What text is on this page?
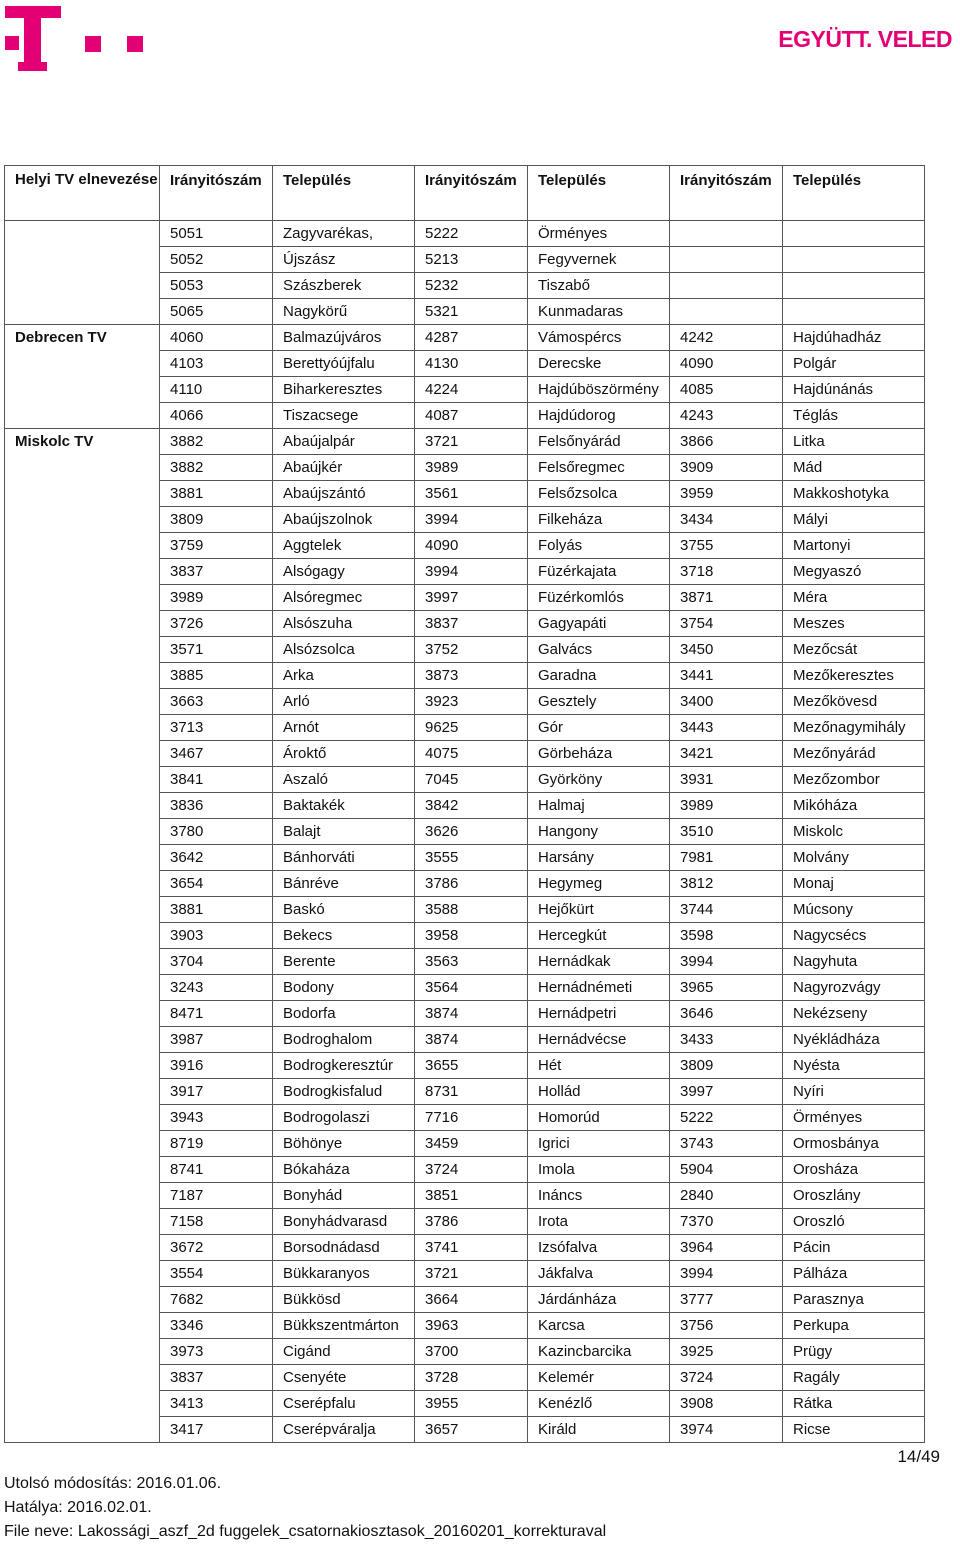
EGYÜTT. VELED
Helyi TV elnevezése	Irányitószám	Település	Irányitószám	Település	Irányitószám	Település
	5051	Zagyvarékas,	5222	Örményes		
	5052	Újszász	5213	Fegyvernek		
	5053	Szászberek	5232	Tiszabő		
	5065	Nagykörű	5321	Kunmadaras		
Debrecen TV	4060	Balmazújváros	4287	Vámospércs	4242	Hajdúhadház
	4103	Berettyóújfalu	4130	Derecske	4090	Polgár
	4110	Biharkeresztes	4224	Hajdúböszörmény	4085	Hajdúnánás
	4066	Tiszacsege	4087	Hajdúdorog	4243	Téglás
Miskolc TV	3882	Abaújalpár	3721	Felsőnyárád	3866	Litka
	3882	Abaújkér	3989	Felsőregmec	3909	Mád
	3881	Abaújszántó	3561	Felsőzsolca	3959	Makkoshotyka
	3809	Abaújszolnok	3994	Filkeháza	3434	Mályi
	3759	Aggtelek	4090	Folyás	3755	Martonyi
	3837	Alsógagy	3994	Füzérkajata	3718	Megyaszó
	3989	Alsóregmec	3997	Füzérkomlós	3871	Méra
	3726	Alsószuha	3837	Gagyapáti	3754	Meszes
	3571	Alsózsolca	3752	Galvács	3450	Mezőcsát
	3885	Arka	3873	Garadna	3441	Mezőkeresztes
	3663	Arló	3923	Gesztely	3400	Mezőkövesd
	3713	Arnót	9625	Gór	3443	Mezőnagymihály
	3467	Ároktő	4075	Görbeháza	3421	Mezőnyárád
	3841	Aszaló	7045	Györköny	3931	Mezőzombor
	3836	Baktakék	3842	Halmaj	3989	Mikóháza
	3780	Balajt	3626	Hangony	3510	Miskolc
	3642	Bánhorváti	3555	Harsány	7981	Molvány
	3654	Bánréve	3786	Hegymeg	3812	Monaj
	3881	Baskó	3588	Hejőkürt	3744	Múcsony
	3903	Bekecs	3958	Hercegkút	3598	Nagycsécs
	3704	Berente	3563	Hernádkak	3994	Nagyhuta
	3243	Bodony	3564	Hernádnémeti	3965	Nagyrozvágy
	8471	Bodorfa	3874	Hernádpetri	3646	Nekézseny
	3987	Bodroghalom	3874	Hernádvécse	3433	Nyékládháza
	3916	Bodrogkeresztúr	3655	Hét	3809	Nyésta
	3917	Bodrogkisfalud	8731	Hollád	3997	Nyíri
	3943	Bodrogolaszi	7716	Homorúd	5222	Örményes
	8719	Böhönye	3459	Igrici	3743	Ormosbánya
	8741	Bókaháza	3724	Imola	5904	Orosháza
	7187	Bonyhád	3851	Ináncs	2840	Oroszlány
	7158	Bonyhádvarasd	3786	Irota	7370	Oroszló
	3672	Borsodnádasd	3741	Izsófalva	3964	Pácin
	3554	Bükkaranyos	3721	Jákfalva	3994	Pálháza
	7682	Bükkösd	3664	Járdánháza	3777	Parasznya
	3346	Bükkszentmárton	3963	Karcsa	3756	Perkupa
	3973	Cigánd	3700	Kazincbarcika	3925	Prügy
	3837	Csenyéte	3728	Kelemér	3724	Ragály
	3413	Cserépfalu	3955	Kenézlő	3908	Rátka
	3417	Cserépváralja	3657	Királd	3974	Ricse
14/49
Utolsó módosítás: 2016.01.06.
Hatálya: 2016.02.01.
File neve: Lakossági_aszf_2d fuggelek_csatornakiosztasok_20160201_korrekturaval
